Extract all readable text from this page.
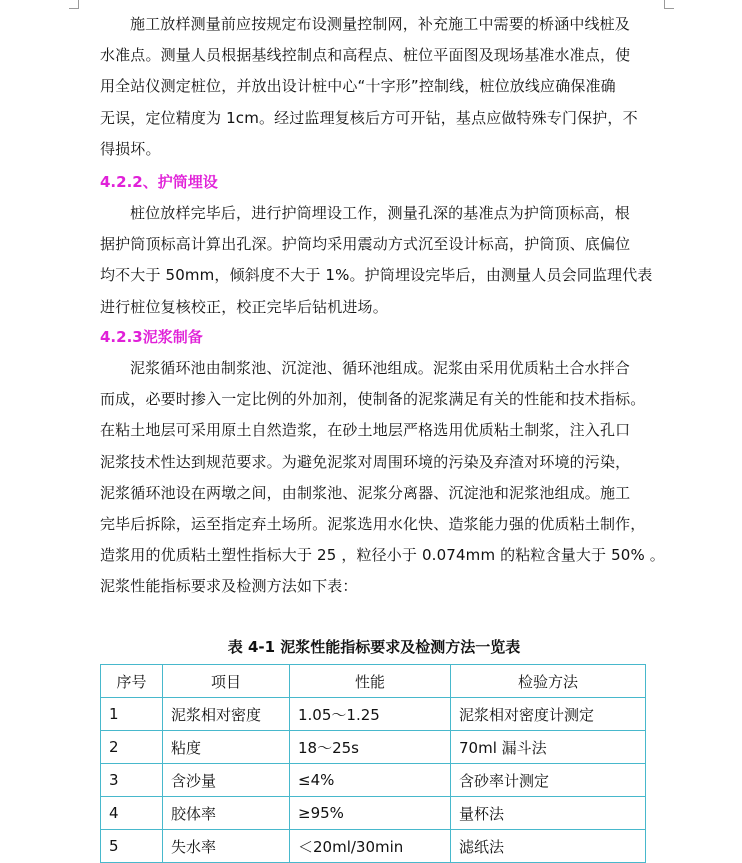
施工放样测量前应按规定布设测量控制网，补充施工中需要的桥涵中线桩及
水准点。测量人员根据基线控制点和高程点、桩位平面图及现场基准水准点，使
用全站仪测定桩位，并放出设计桩中心“十字形”控制线，桩位放线应确保准确
无误，定位精度为 1cm。经过监理复核后方可开钻，基点应做特殊专门保护，不
得损坏。

4.2.2、护筒埋设

桩位放样完毕后，进行护筒埋设工作，测量孔深的基准点为护筒顶标高，根
据护筒顶标高计算出孔深。护筒均采用震动方式沉至设计标高，护筒顶、底偏位
均不大于 50mm，倾斜度不大于 1%。护筒埋设完毕后，由测量人员会同监理代表
进行桩位复核校正，校正完毕后钻机进场。

4.2.3泥浆制备

泥浆循环池由制浆池、沉淀池、循环池组成。泥浆由采用优质粘土合水拌合
而成，必要时掺入一定比例的外加剂，使制备的泥浆满足有关的性能和技术指标。
在粘土地层可采用原土自然造浆，在砂土地层严格选用优质粘土制浆，注入孔口
泥浆技术性达到规范要求。为避免泥浆对周围环境的污染及弃渣对环境的污染，
泥浆循环池设在两墩之间，由制浆池、泥浆分离器、沉淀池和泥浆池组成。施工
完毕后拆除，运至指定弃土场所。泥浆选用水化快、造浆能力强的优质粘土制作，
造浆用的优质粘土塑性指标大于 25 ，粒径小于 0.074mm 的粘粒含量大于 50% 。
泥浆性能指标要求及检测方法如下表：

表 4-1 泥浆性能指标要求及检测方法一览表
序号	项目	性能	检验方法
1	泥浆相对密度	1.05～1.25	泥浆相对密度计测定
2	粘度	18～25s	70ml 漏斗法
3	含沙量	≤4%	含砂率计测定
4	胶体率	≥95%	量杯法
5	失水率	＜20ml/30min	滤纸法
